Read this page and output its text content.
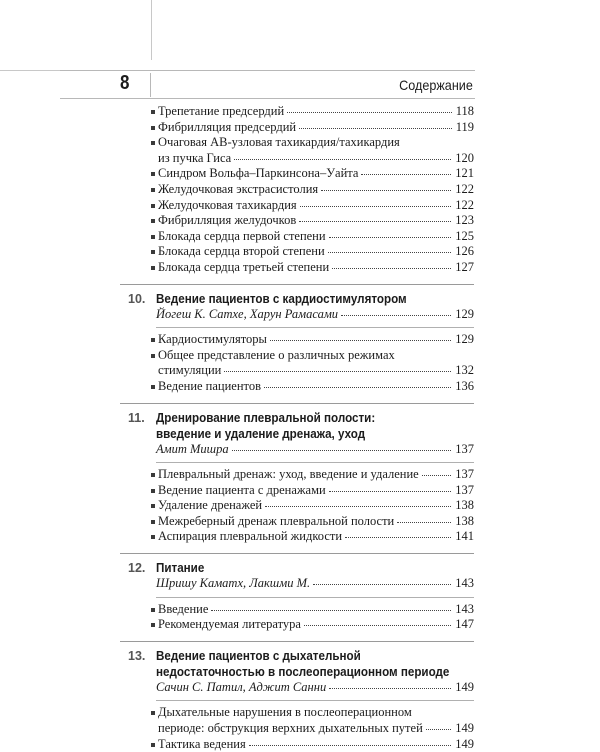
8	Содержание
Трепетание предсердий	118
Фибрилляция предсердий	119
Очаговая АВ-узловая тахикардия/тахикардия
из пучка Гиса	120
Синдром Вольфа–Паркинсона–Уайта	121
Желудочковая экстрасистолия	122
Желудочковая тахикардия	122
Фибрилляция желудочков	123
Блокада сердца первой степени	125
Блокада сердца второй степени	126
Блокада сердца третьей степени	127
10. Ведение пациентов с кардиостимулятором
Йогеш К. Сатхе, Харун Рамасами	129
Кардиостимуляторы	129
Общее представление о различных режимах
стимуляции	132
Ведение пациентов	136
11. Дренирование плевральной полости:
введение и удаление дренажа, уход
Амит Мишра	137
Плевральный дренаж: уход, введение и удаление	137
Ведение пациента с дренажами	137
Удаление дренажей	138
Межреберный дренаж плевральной полости	138
Аспирация плевральной жидкости	141
12. Питание
Шришу Каматх, Лакшми М.	143
Введение	143
Рекомендуемая литература	147
13. Ведение пациентов с дыхательной
недостаточностью в послеоперационном периоде
Сачин С. Патил, Аджит Санни	149
Дыхательные нарушения в послеоперационном
периоде: обструкция верхних дыхательных путей	149
Тактика ведения	149
